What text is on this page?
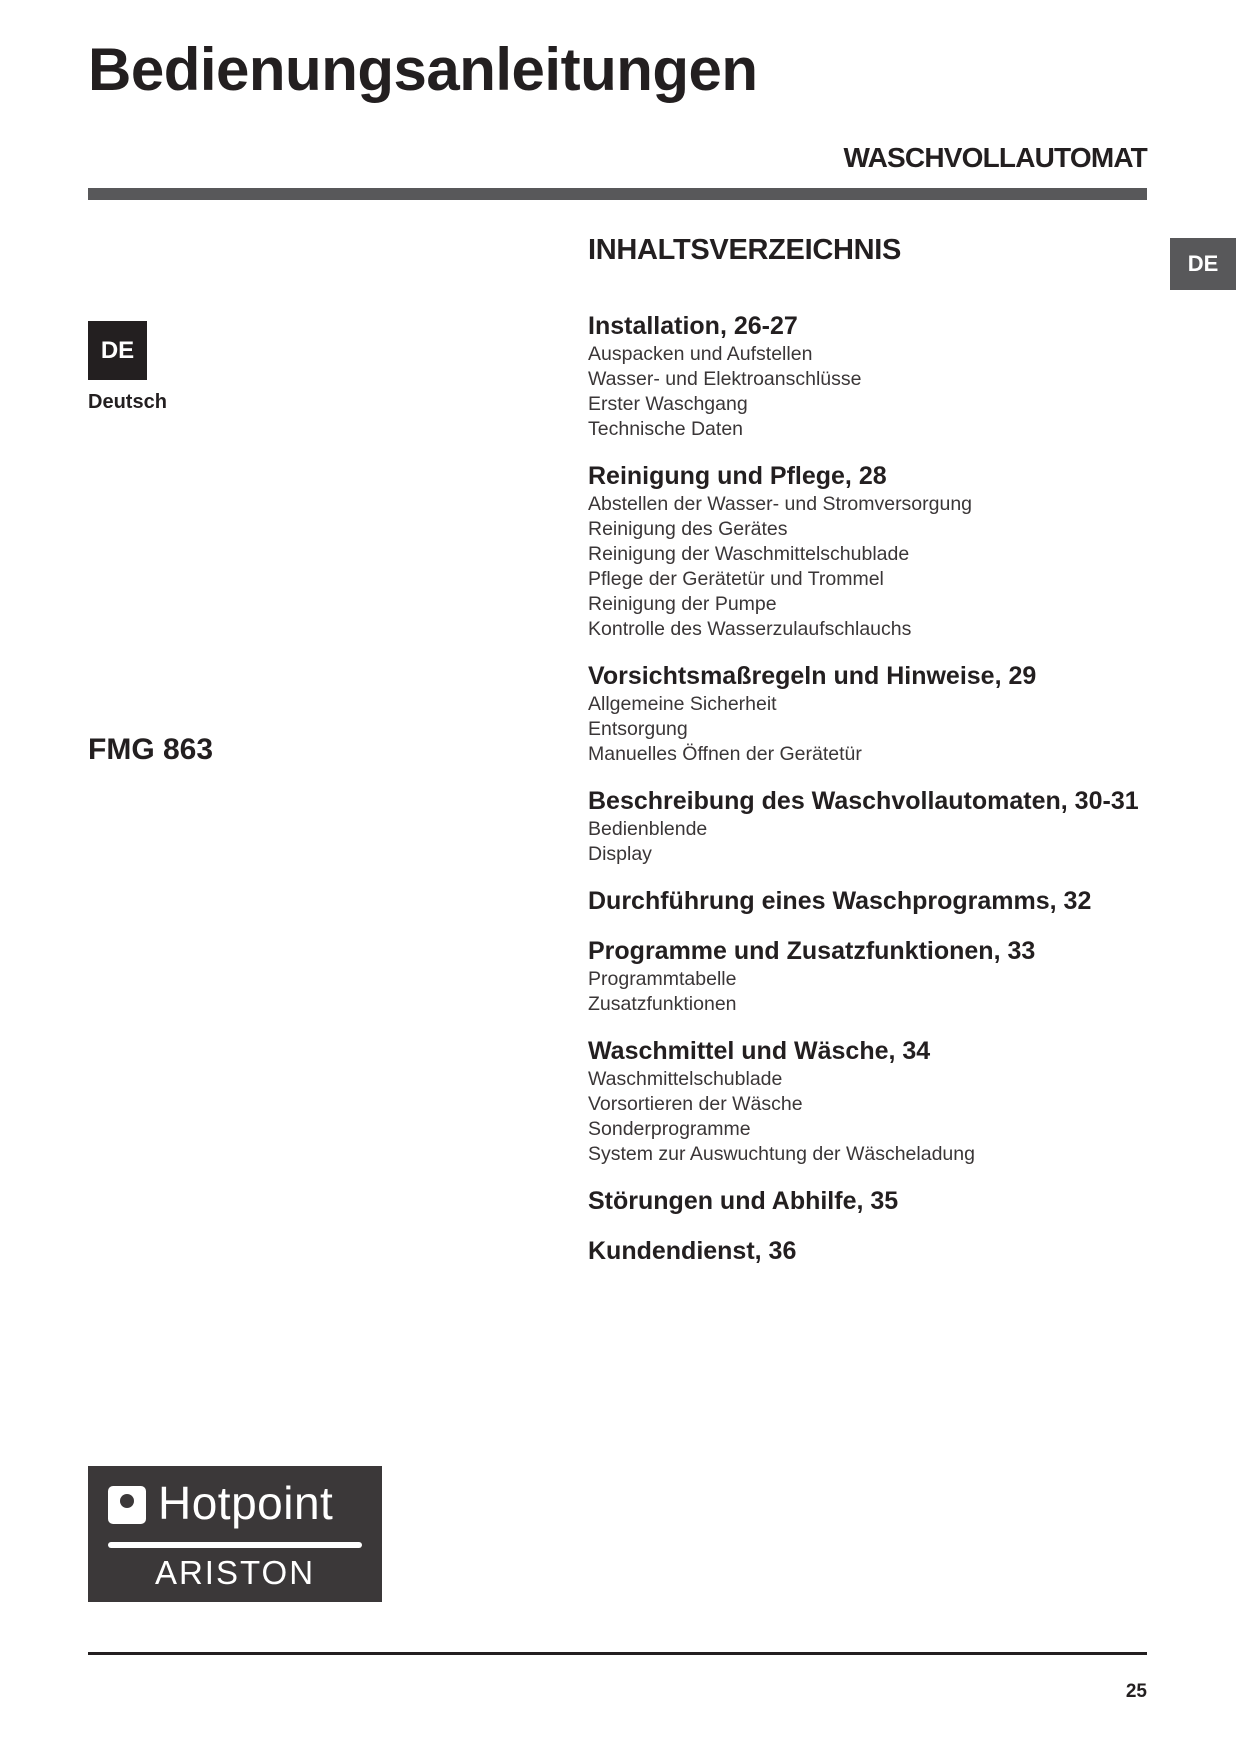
Bedienungsanleitungen
WASCHVOLLAUTOMAT
DE
DE
Deutsch
FMG 863
INHALTSVERZEICHNIS
Installation, 26-27
Auspacken und Aufstellen
Wasser- und Elektroanschlüsse
Erster Waschgang
Technische Daten
Reinigung und Pflege, 28
Abstellen der Wasser- und Stromversorgung
Reinigung des Gerätes
Reinigung der Waschmittelschublade
Pflege der Gerätetür und Trommel
Reinigung der Pumpe
Kontrolle des Wasserzulaufschlauchs
Vorsichtsmaßregeln und Hinweise, 29
Allgemeine Sicherheit
Entsorgung
Manuelles Öffnen der Gerätetür
Beschreibung des Waschvollautomaten, 30-31
Bedienblende
Display
Durchführung eines Waschprogramms, 32
Programme und Zusatzfunktionen, 33
Programmtabelle
Zusatzfunktionen
Waschmittel und Wäsche, 34
Waschmittelschublade
Vorsortieren der Wäsche
Sonderprogramme
System zur Auswuchtung der Wäscheladung
Störungen und Abhilfe, 35
Kundendienst, 36
Hotpoint
ARISTON
25
